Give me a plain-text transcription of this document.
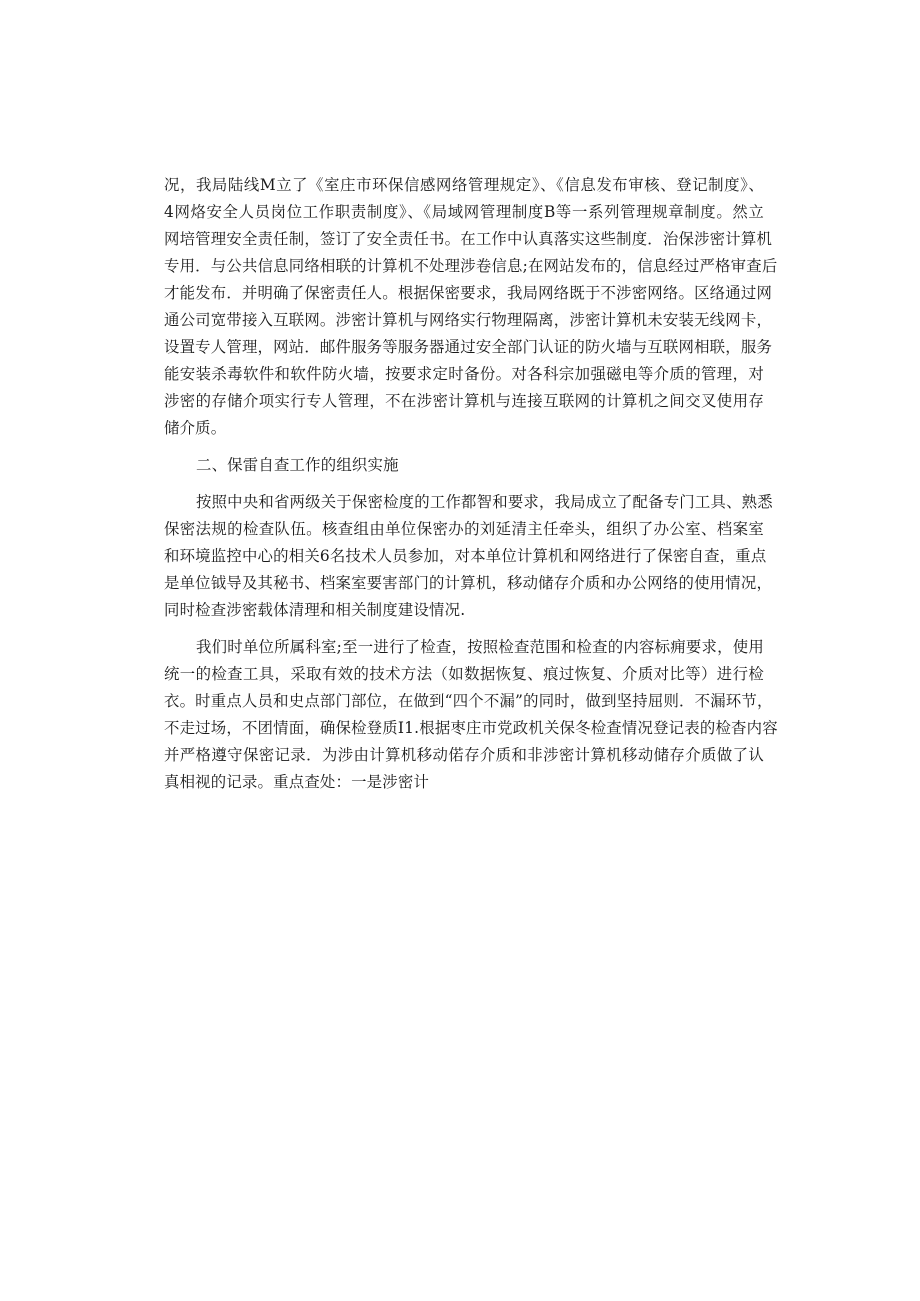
况，我局陆线M立了《室庄市环保信感网络管理规定》、《信息发布审核、登记制度》、
4网烙安全人员岗位工作职责制度》、《局域网管理制度B等一系列管理规章制度。然立
网培管理安全责任制，签订了安全责任书。在工作中认真落实这些制度．治保涉密计算机
专用．与公共信息同络相联的计算机不处理涉卷信息;在网站发布的，信息经过严格审查后
才能发布．并明确了保密责任人。根据保密要求，我局网络既于不涉密网络。区络通过网
通公司宽带接入互联网。涉密计算机与网络实行物理隔离，涉密计算机未安装无线网卡，
设置专人管理，网站．邮件服务等服务器通过安全部门认证的防火墙与互联网相联，服务
能安装杀毒软件和软件防火墙，按要求定时备份。对各科宗加强磁电等介质的管理，对
涉密的存储介项实行专人管理，不在涉密计算机与连接互联网的计算机之间交叉使用存
储介质。
二、保雷自查工作的组织实施
按照中央和省两级关于保密检度的工作都智和要求，我局成立了配备专门工具、熟悉
保密法规的检查队伍。核查组由单位保密办的刘延清主任牵头，组织了办公室、档案室
和环境监控中心的相关6名技术人员参加，对本单位计算机和网络进行了保密自查，重点
是单位钺导及其秘书、档案室要害部门的计算机，移动储存介质和办公网络的使用情况，
同时检查涉密载体清理和相关制度建设情况.
我们时单位所属科室;至一进行了检查，按照检查范围和检查的内容标痈要求，使用
统一的检查工具，采取有效的技术方法（如数据恢复、痕过恢复、介质对比等）进行检
衣。时重点人员和史点部门部位，在做到“四个不漏”的同时，做到坚持屈则．不漏环节，
不走过场，不团情面，确保检登质I1.根据枣庄市党政机关保冬检查情况登记表的检杳内容
并严格遵守保密记录．为涉由计算机移动偌存介质和非涉密计算机移动储存介质做了认
真相视的记录。重点查处：一是涉密计
